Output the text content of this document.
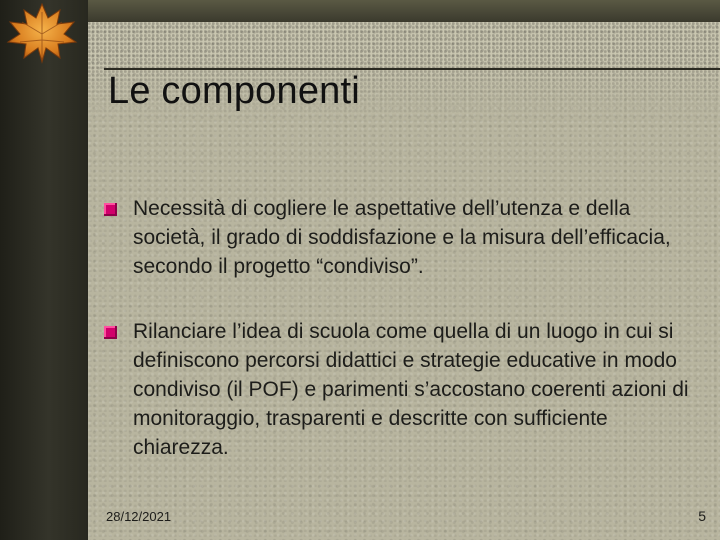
Le componenti
Necessità di cogliere le aspettative dell’utenza e della società, il grado di soddisfazione e la misura dell’efficacia, secondo il progetto “condiviso”.
Rilanciare l’idea di scuola come quella di un luogo in cui si definiscono percorsi didattici e strategie educative in modo condiviso (il POF) e parimenti s’accostano coerenti azioni di monitoraggio, trasparenti e descritte con sufficiente chiarezza.
28/12/2021	5
